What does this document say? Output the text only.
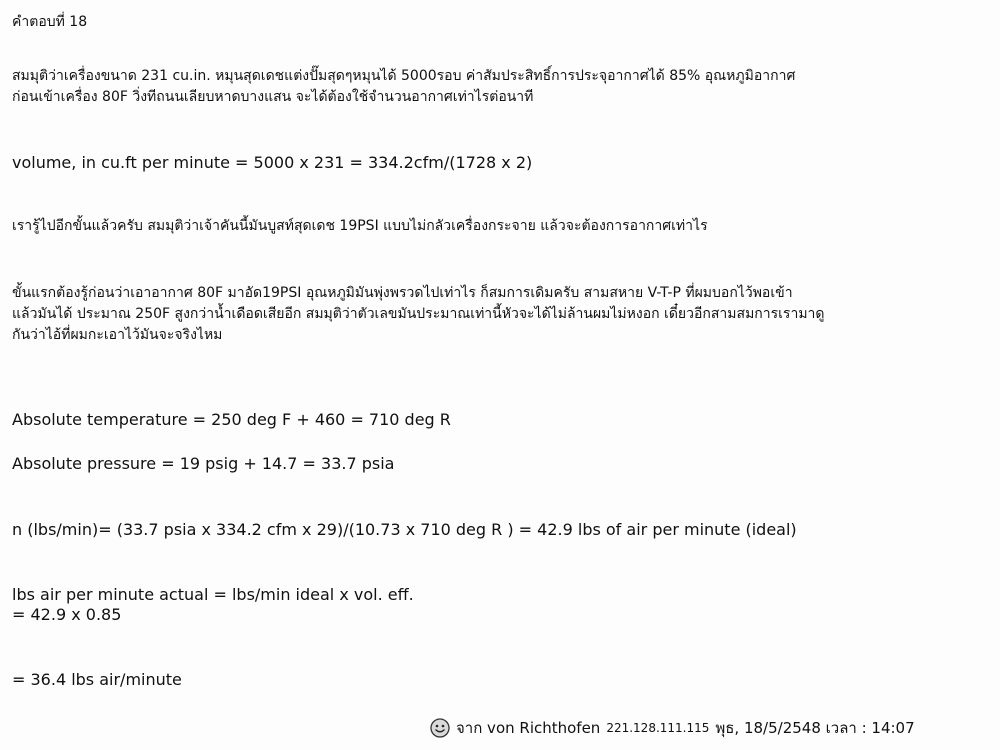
คำตอบที่ 18
สมมุติว่าเครื่องขนาด 231 cu.in. หมุนสุดเดชแต่งปั๊มสุดๆหมุนได้ 5000รอบ ค่าสัมประสิทธิ์การประจุอากาศได้ 85% อุณหภูมิอากาศ
ก่อนเข้าเครื่อง 80F วิ่งทีถนนเลียบหาดบางแสน จะได้ต้องใช้จำนวนอากาศเท่าไรต่อนาที
volume, in cu.ft per minute = 5000 x 231 = 334.2cfm/(1728 x 2)
เรารู้ไปอีกขั้นแล้วครับ สมมุติว่าเจ้าคันนี้มันบูสท์สุดเดช 19PSI แบบไม่กลัวเครื่องกระจาย แล้วจะต้องการอากาศเท่าไร
ขั้นแรกต้องรู้ก่อนว่าเอาอากาศ 80F มาอัด19PSI อุณหภูมิมันพุ่งพรวดไปเท่าไร ก็สมการเดิมครับ สามสหาย V-T-P ที่ผมบอกไว้พอเข้า
แล้วมันได้ ประมาณ 250F สูงกว่าน้ำเดือดเสียอีก สมมุติว่าตัวเลขมันประมาณเท่านี้หัวจะได้ไม่ล้านผมไม่หงอก เดี๋ยวอีกสามสมการเรามาดู
กันว่าไอ้ที่ผมกะเอาไว้มันจะจริงไหม
Absolute temperature = 250 deg F + 460 = 710 deg R
Absolute pressure = 19 psig + 14.7 = 33.7 psia
n (lbs/min)= (33.7 psia x 334.2 cfm x 29)/(10.73 x 710 deg R ) = 42.9 lbs of air per minute (ideal)
lbs air per minute actual = lbs/min ideal x vol. eff.
= 42.9 x 0.85
= 36.4 lbs air/minute
จาก von Richthofen 221.128.111.115 พุธ, 18/5/2548 เวลา : 14:07
